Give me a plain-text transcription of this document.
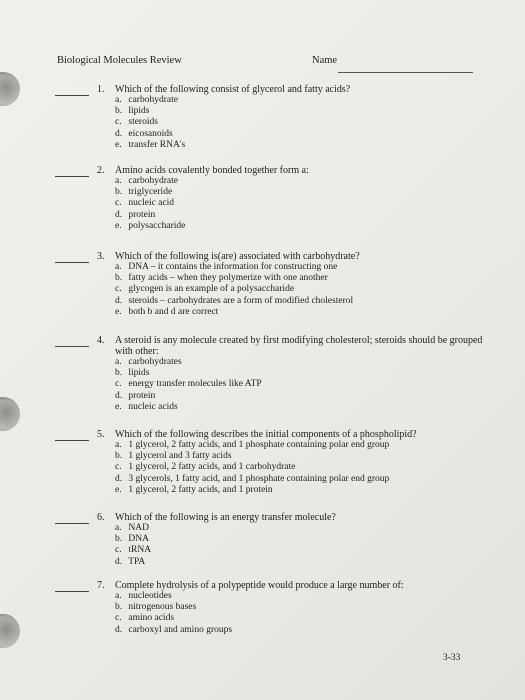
Biological Molecules Review	Name
1. Which of the following consist of glycerol and fatty acids?
a. carbohydrate
b. lipids
c. steroids
d. eicosanoids
e. transfer RNA's
2. Amino acids covalently bonded together form a:
a. carbohydrate
b. triglyceride
c. nucleic acid
d. protein
e. polysaccharide
3. Which of the following is(are) associated with carbohydrate?
a. DNA – it contains the information for constructing one
b. fatty acids – when they polymerize with one another
c. glycogen is an example of a polysaccharide
d. steroids – carbohydrates are a form of modified cholesterol
e. both b and d are correct
4. A steroid is any molecule created by first modifying cholesterol; steroids should be grouped with other:
a. carbohydrates
b. lipids
c. energy transfer molecules like ATP
d. protein
e. nucleic acids
5. Which of the following describes the initial components of a phospholipid?
a. 1 glycerol, 2 fatty acids, and 1 phosphate containing polar end group
b. 1 glycerol and 3 fatty acids
c. 1 glycerol, 2 fatty acids, and 1 carbohydrate
d. 3 glycerols, 1 fatty acid, and 1 phosphate containing polar end group
e. 1 glycerol, 2 fatty acids, and 1 protein
6. Which of the following is an energy transfer molecule?
a. NAD
b. DNA
c. tRNA
d. TPA
7. Complete hydrolysis of a polypeptide would produce a large number of:
a. nucleotides
b. nitrogenous bases
c. amino acids
d. carboxyl and amino groups
3-33
